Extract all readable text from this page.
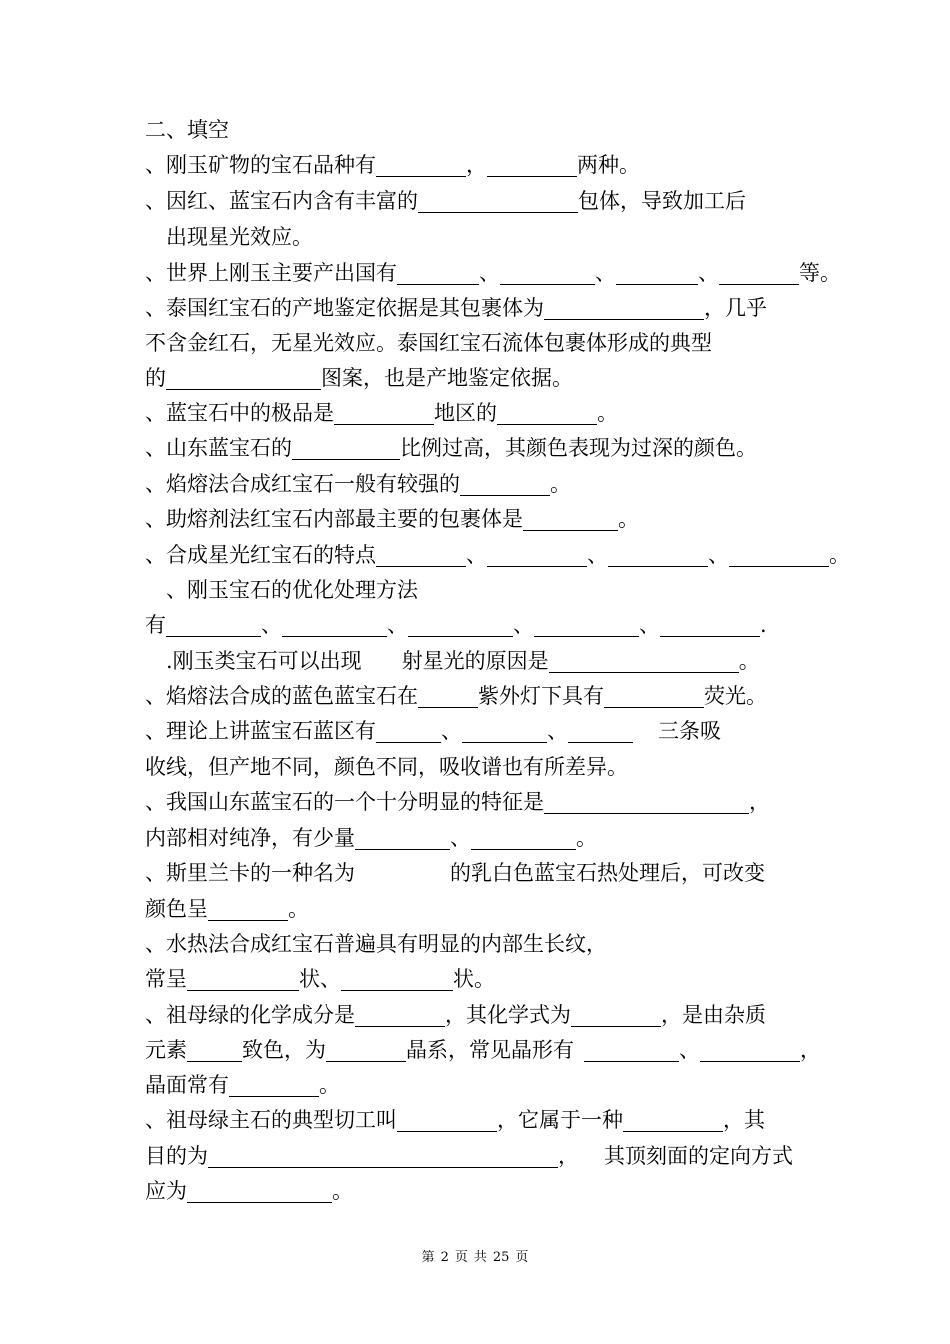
二、填空
、刚玉矿物的宝石品种有	，	两种。
、因红、蓝宝石内含有丰富的	包体，导致加工后
出现星光效应。
、世界上刚玉主要产出国有	、	、	、	等。
、泰国红宝石的产地鉴定依据是其包裹体为	，几乎
不含金红石，无星光效应。泰国红宝石流体包裹体形成的典型
的	图案，也是产地鉴定依据。
、蓝宝石中的极品是	地区的	。
、山东蓝宝石的	比例过高，其颜色表现为过深的颜色。
、焰熔法合成红宝石一般有较强的	。
、助熔剂法红宝石内部最主要的包裹体是	。
、合成星光红宝石的特点	、	、	、	。
、刚玉宝石的优化处理方法
有	、	、	、	、	.
.刚玉类宝石可以出现 射星光的原因是	。
、焰熔法合成的蓝色蓝宝石在	紫外灯下具有	荧光。
、理论上讲蓝宝石蓝区有	、	、	三条吸
收线，但产地不同，颜色不同，吸收谱也有所差异。
、我国山东蓝宝石的一个十分明显的特征是	，
内部相对纯净，有少量	、	。
、斯里兰卡的一种名为	的乳白色蓝宝石热处理后，可改变
颜色呈	。
、水热法合成红宝石普遍具有明显的内部生长纹，
常呈	状、	状。
、祖母绿的化学成分是	，其化学式为	，是由杂质
元素	致色，为	晶系，常见晶形有	、	，
晶面常有	。
、祖母绿主石的典型切工叫	，它属于一种	，其
目的为	， 其顶刻面的定向方式
应为	。
第 2 页 共 25 页
